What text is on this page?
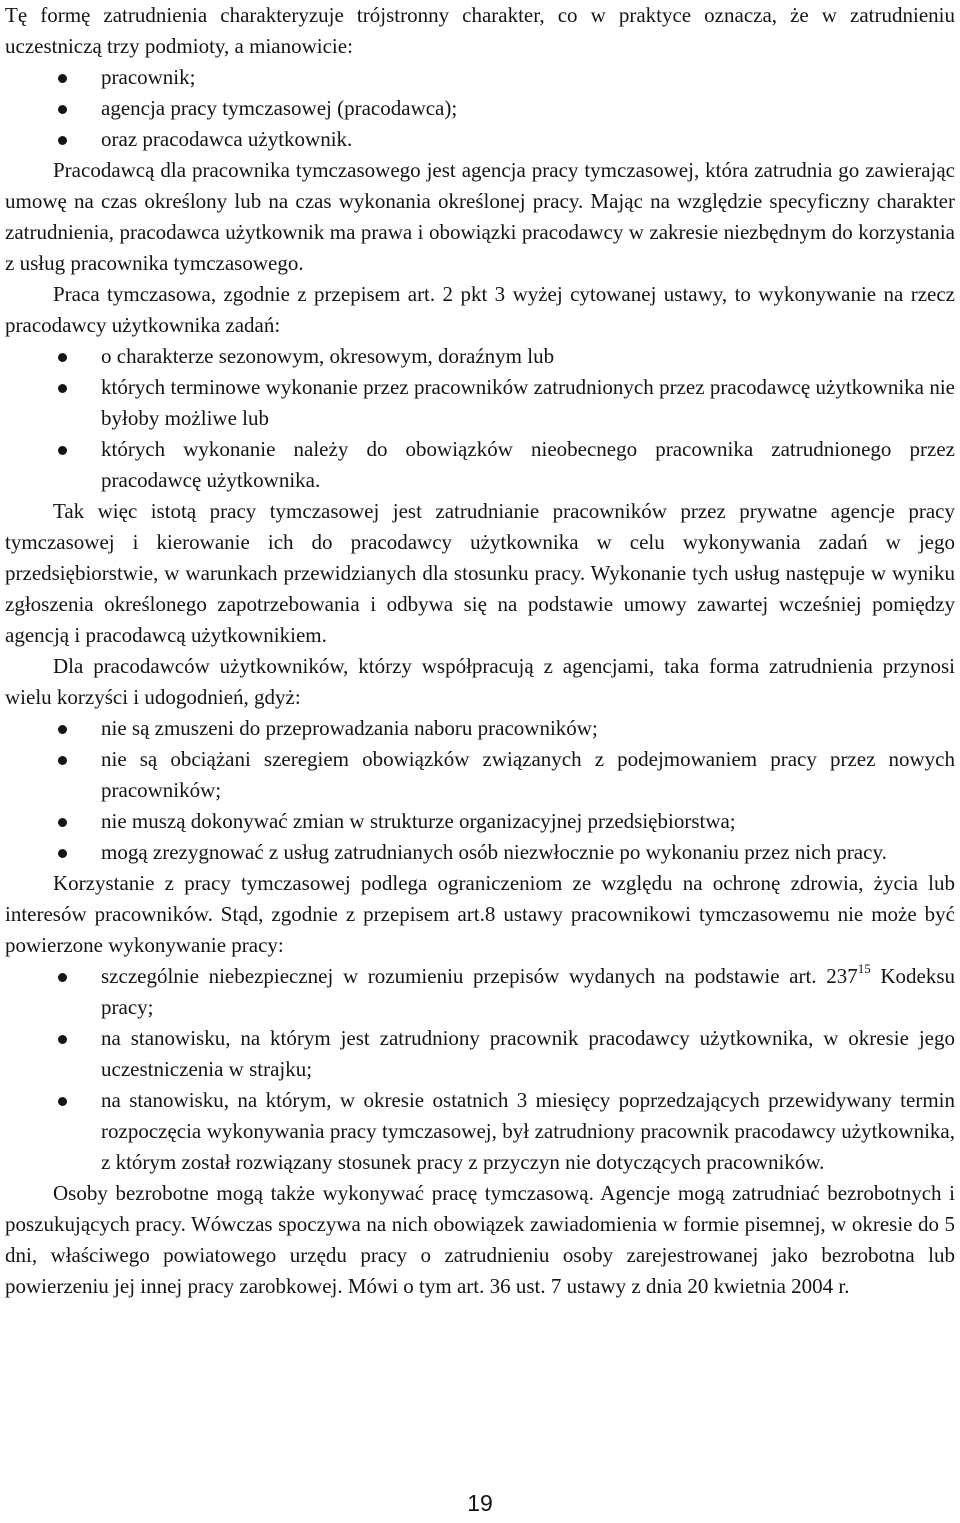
Tę formę zatrudnienia charakteryzuje trójstronny charakter, co w praktyce oznacza, że w zatrudnieniu uczestniczą trzy podmioty, a mianowicie:

pracownik;
agencja pracy tymczasowej (pracodawca);
oraz pracodawca użytkownik.

Pracodawcą dla pracownika tymczasowego jest agencja pracy tymczasowej, która zatrudnia go zawierając umowę na czas określony lub na czas wykonania określonej pracy. Mając na względzie specyficzny charakter zatrudnienia, pracodawca użytkownik ma prawa i obowiązki pracodawcy w zakresie niezbędnym do korzystania z usług pracownika tymczasowego.

Praca tymczasowa, zgodnie z przepisem art. 2 pkt 3 wyżej cytowanej ustawy, to wykonywanie na rzecz pracodawcy użytkownika zadań:

o charakterze sezonowym, okresowym, doraźnym lub
których terminowe wykonanie przez pracowników zatrudnionych przez pracodawcę użytkownika nie byłoby możliwe lub
których wykonanie należy do obowiązków nieobecnego pracownika zatrudnionego przez pracodawcę użytkownika.

Tak więc istotą pracy tymczasowej jest zatrudnianie pracowników przez prywatne agencje pracy tymczasowej i kierowanie ich do pracodawcy użytkownika w celu wykonywania zadań w jego przedsiębiorstwie, w warunkach przewidzianych dla stosunku pracy. Wykonanie tych usług następuje w wyniku zgłoszenia określonego zapotrzebowania i odbywa się na podstawie umowy zawartej wcześniej pomiędzy agencją i pracodawcą użytkownikiem.

Dla pracodawców użytkowników, którzy współpracują z agencjami, taka forma zatrudnienia przynosi wielu korzyści i udogodnień, gdyż:

nie są zmuszeni do przeprowadzania naboru pracowników;
nie są obciążani szeregiem obowiązków związanych z podejmowaniem pracy przez nowych pracowników;
nie muszą dokonywać zmian w strukturze organizacyjnej przedsiębiorstwa;
mogą zrezygnować z usług zatrudnianych osób niezwłocznie po wykonaniu przez nich pracy.

Korzystanie z pracy tymczasowej podlega ograniczeniom ze względu na ochronę zdrowia, życia lub interesów pracowników. Stąd, zgodnie z przepisem art.8 ustawy pracownikowi tymczasowemu nie może być powierzone wykonywanie pracy:

szczególnie niebezpiecznej w rozumieniu przepisów wydanych na podstawie art. $237^{15}$ Kodeksu pracy;
na stanowisku, na którym jest zatrudniony pracownik pracodawcy użytkownika, w okresie jego uczestniczenia w strajku;
na stanowisku, na którym, w okresie ostatnich 3 miesięcy poprzedzających przewidywany termin rozpoczęcia wykonywania pracy tymczasowej, był zatrudniony pracownik pracodawcy użytkownika, z którym został rozwiązany stosunek pracy z przyczyn nie dotyczących pracowników.

Osoby bezrobotne mogą także wykonywać pracę tymczasową. Agencje mogą zatrudniać bezrobotnych i poszukujących pracy. Wówczas spoczywa na nich obowiązek zawiadomienia w formie pisemnej, w okresie do 5 dni, właściwego powiatowego urzędu pracy o zatrudnieniu osoby zarejestrowanej jako bezrobotna lub powierzeniu jej innej pracy zarobkowej. Mówi o tym art. 36 ust. 7 ustawy z dnia 20 kwietnia 2004 r.

19
